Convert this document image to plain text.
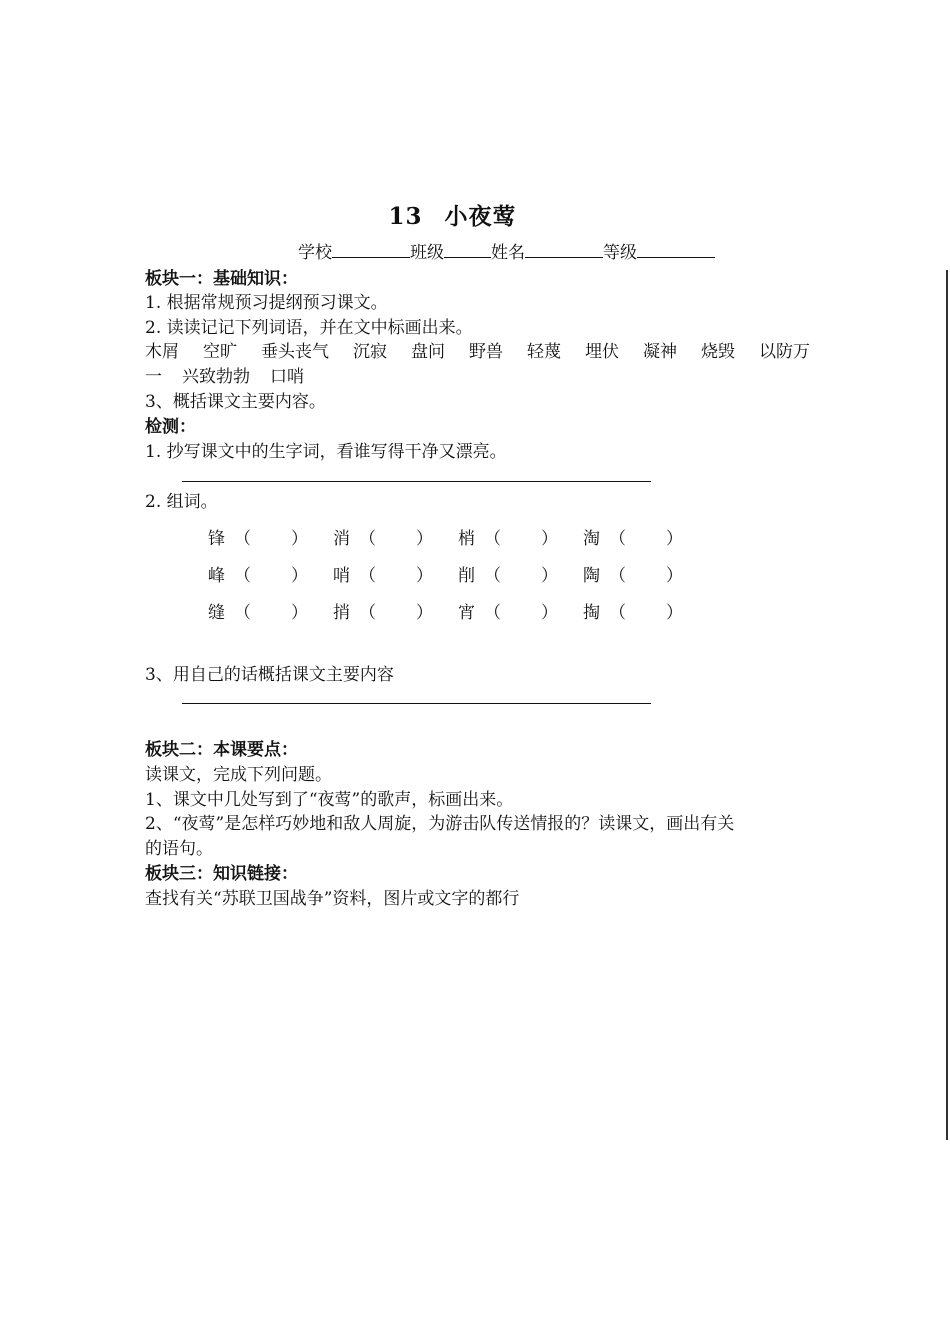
13 小夜莺
学校	班级	姓名	等级
板块一：基础知识：
1. 根据常规预习提纲预习课文。
2. 读读记记下列词语，并在文中标画出来。
木屑 空旷 垂头丧气 沉寂 盘问 野兽 轻蔑 埋伏 凝神 烧毁 以防万
一 兴致勃勃 口哨
3、概括课文主要内容。
检测：
1. 抄写课文中的生字词，看谁写得干净又漂亮。
2. 组词。
锋 （ ） 消 （ ） 梢 （ ） 淘 （ ）
峰 （ ） 哨 （ ） 削 （ ） 陶 （ ）
缝 （ ） 捎 （ ） 宵 （ ） 掏 （ ）
3、用自己的话概括课文主要内容
板块二：本课要点：
读课文，完成下列问题。
1、课文中几处写到了“夜莺”的歌声，标画出来。
2、“夜莺”是怎样巧妙地和敌人周旋，为游击队传送情报的？读课文，画出有关
的语句。
板块三：知识链接：
查找有关“苏联卫国战争”资料，图片或文字的都行
